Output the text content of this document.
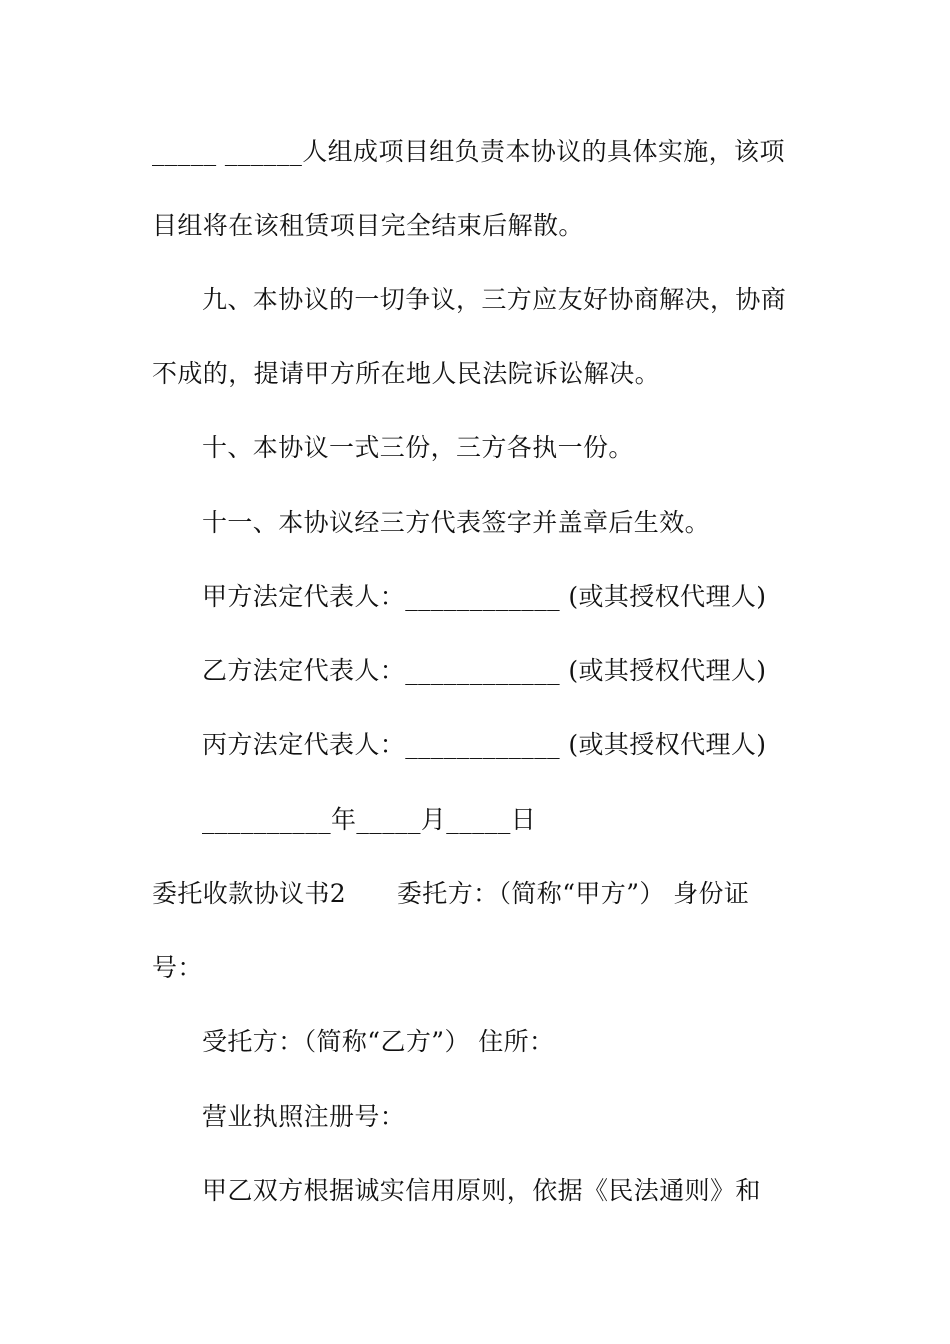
_____ ______人组成项目组负责本协议的具体实施，该项
目组将在该租赁项目完全结束后解散。
九、本协议的一切争议，三方应友好协商解决，协商
不成的，提请甲方所在地人民法院诉讼解决。
十、本协议一式三份，三方各执一份。
十一、本协议经三方代表签字并盖章后生效。
甲方法定代表人：____________ (或其授权代理人)
乙方法定代表人：____________ (或其授权代理人)
丙方法定代表人：____________ (或其授权代理人)
__________年_____月_____日
委托收款协议书2　　委托方：（简称“甲方”） 身份证
号：
受托方：（简称“乙方”） 住所：
营业执照注册号：
甲乙双方根据诚实信用原则，依据《民法通则》和
